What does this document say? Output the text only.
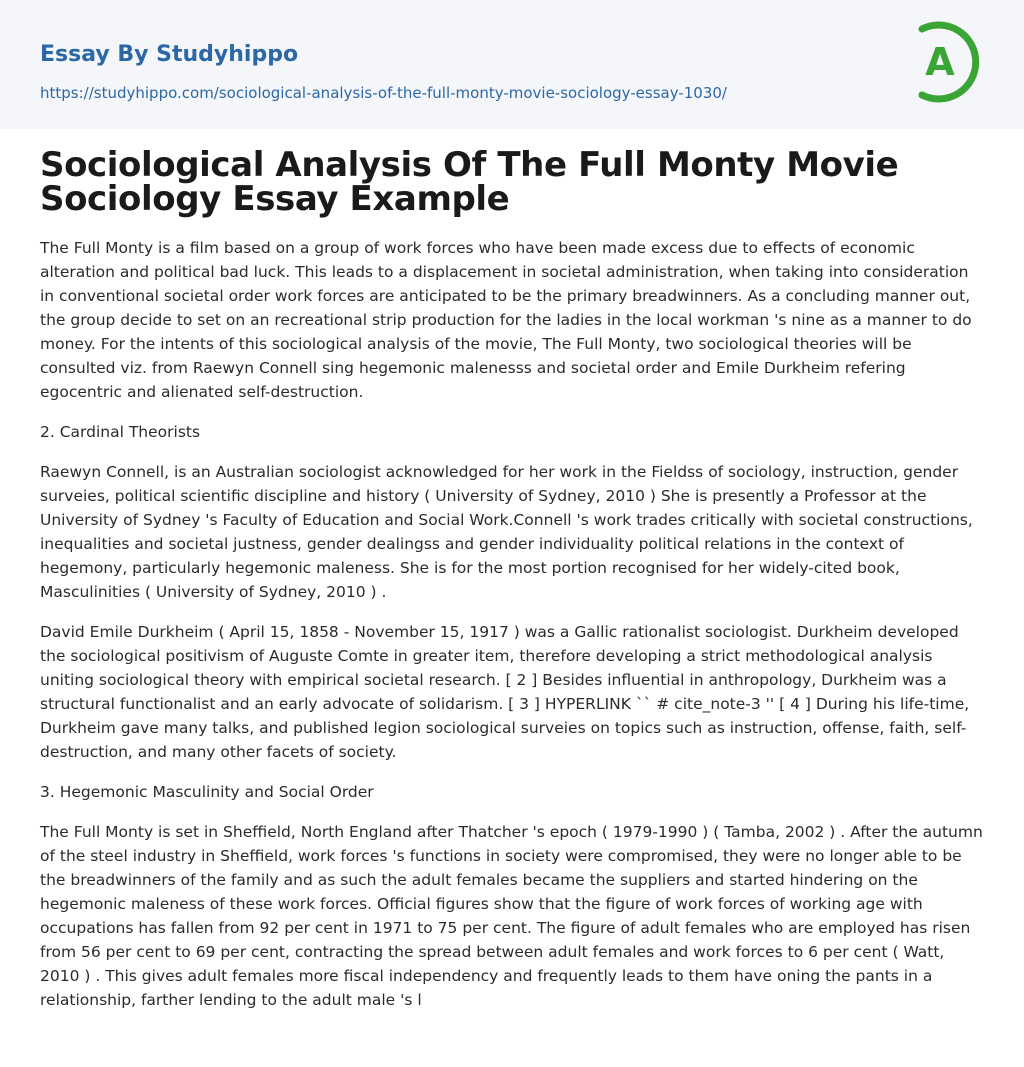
Essay By Studyhippo
https://studyhippo.com/sociological-analysis-of-the-full-monty-movie-sociology-essay-1030/
A
Sociological Analysis Of The Full Monty Movie Sociology Essay Example

The Full Monty is a film based on a group of work forces who have been made excess due to effects of economic alteration and political bad luck. This leads to a displacement in societal administration, when taking into consideration in conventional societal order work forces are anticipated to be the primary breadwinners. As a concluding manner out, the group decide to set on an recreational strip production for the ladies in the local workman 's nine as a manner to do money. For the intents of this sociological analysis of the movie, The Full Monty, two sociological theories will be consulted viz. from Raewyn Connell sing hegemonic malenesss and societal order and Emile Durkheim refering egocentric and alienated self-destruction.

2. Cardinal Theorists

Raewyn Connell, is an Australian sociologist acknowledged for her work in the Fieldss of sociology, instruction, gender surveies, political scientific discipline and history ( University of Sydney, 2010 ) She is presently a Professor at the University of Sydney 's Faculty of Education and Social Work.Connell 's work trades critically with societal constructions, inequalities and societal justness, gender dealingss and gender individuality political relations in the context of hegemony, particularly hegemonic maleness. She is for the most portion recognised for her widely-cited book, Masculinities ( University of Sydney, 2010 ) .

David Emile Durkheim ( April 15, 1858 - November 15, 1917 ) was a Gallic rationalist sociologist. Durkheim developed the sociological positivism of Auguste Comte in greater item, therefore developing a strict methodological analysis uniting sociological theory with empirical societal research. [ 2 ] Besides influential in anthropology, Durkheim was a structural functionalist and an early advocate of solidarism. [ 3 ] HYPERLINK `` # cite_note-3 '' [ 4 ] During his life-time, Durkheim gave many talks, and published legion sociological surveies on topics such as instruction, offense, faith, self-destruction, and many other facets of society.

3. Hegemonic Masculinity and Social Order

The Full Monty is set in Sheffield, North England after Thatcher 's epoch ( 1979-1990 ) ( Tamba, 2002 ) . After the autumn of the steel industry in Sheffield, work forces 's functions in society were compromised, they were no longer able to be the breadwinners of the family and as such the adult females became the suppliers and started hindering on the hegemonic maleness of these work forces. Official figures show that the figure of work forces of working age with occupations has fallen from 92 per cent in 1971 to 75 per cent. The figure of adult females who are employed has risen from 56 per cent to 69 per cent, contracting the spread between adult females and work forces to 6 per cent ( Watt, 2010 ) . This gives adult females more fiscal independency and frequently leads to them have oning the pants in a relationship, farther lending to the adult male 's l
